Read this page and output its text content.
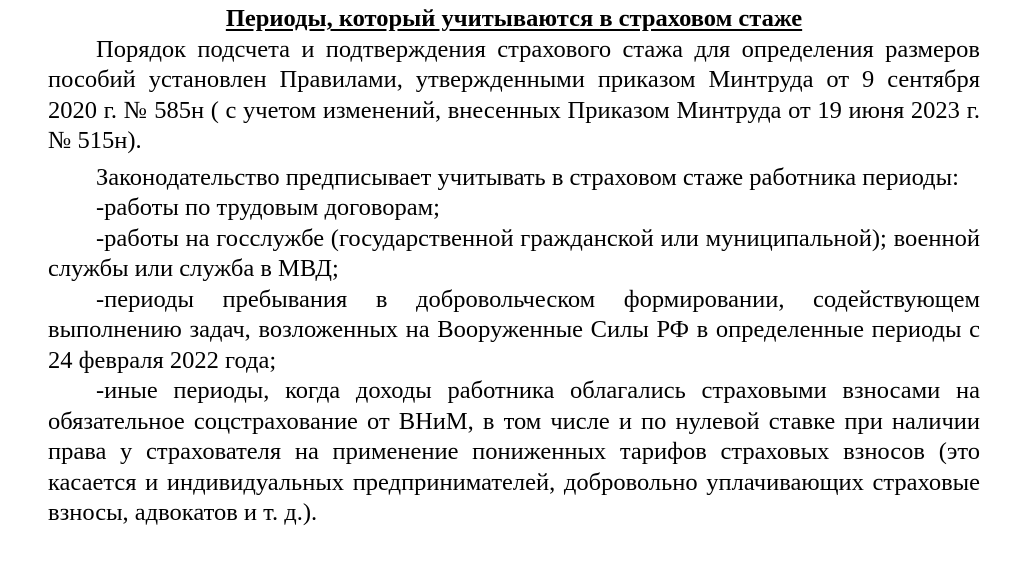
Периоды, который учитываются в страховом стаже

Порядок подсчета и подтверждения страхового стажа для определения размеров пособий установлен Правилами, утвержденными приказом Минтруда от 9 сентября 2020 г. № 585н ( с учетом изменений, внесенных Приказом Минтруда от 19 июня 2023 г. № 515н).

Законодательство предписывает учитывать в страховом стаже работника периоды:

-работы по трудовым договорам;

-работы на госслужбе (государственной гражданской или муниципальной); военной службы или служба в МВД;

-периоды пребывания в добровольческом формировании, содействующем выполнению задач, возложенных на Вооруженные Силы РФ в определенные периоды с 24 февраля 2022 года;

-иные периоды, когда доходы работника облагались страховыми взносами на обязательное соцстрахование от ВНиМ, в том числе и по нулевой ставке при наличии права у страхователя на применение пониженных тарифов страховых взносов (это касается и индивидуальных предпринимателей, добровольно уплачивающих страховые взносы, адвокатов и т. д.).
